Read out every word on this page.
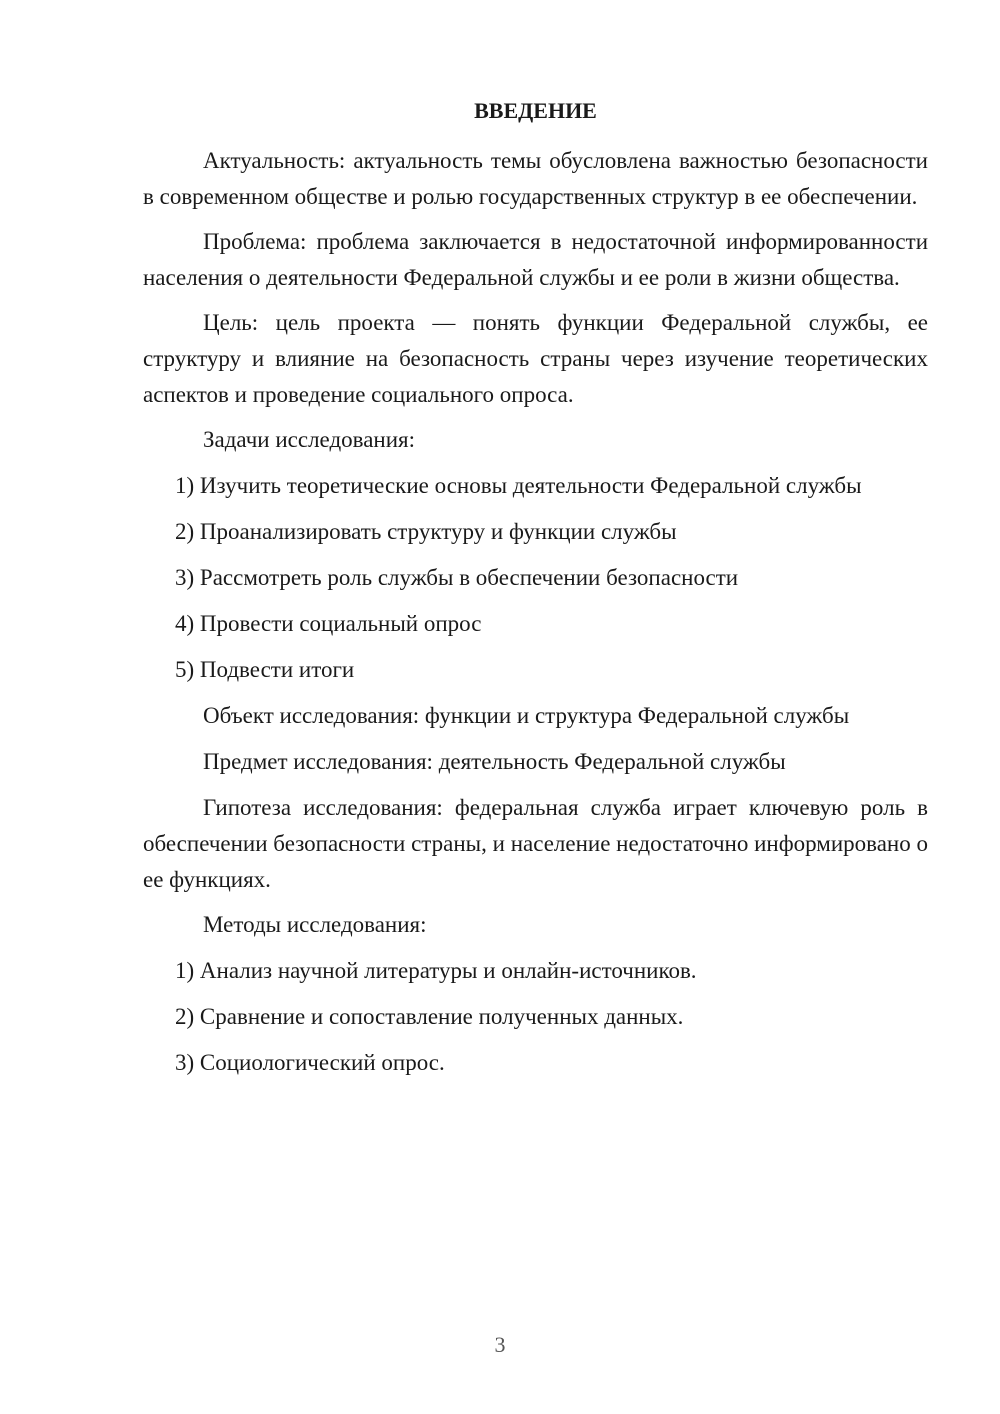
ВВЕДЕНИЕ

Актуальность: актуальность темы обусловлена важностью безопасности в современном обществе и ролью государственных структур в ее обеспечении.

Проблема: проблема заключается в недостаточной информированности населения о деятельности Федеральной службы и ее роли в жизни общества.

Цель: цель проекта — понять функции Федеральной службы, ее структуру и влияние на безопасность страны через изучение теоретических аспектов и проведение социального опроса.

Задачи исследования:

1) Изучить теоретические основы деятельности Федеральной службы
2) Проанализировать структуру и функции службы
3) Рассмотреть роль службы в обеспечении безопасности
4) Провести социальный опрос
5) Подвести итоги

Объект исследования: функции и структура Федеральной службы

Предмет исследования: деятельность Федеральной службы

Гипотеза исследования: федеральная служба играет ключевую роль в обеспечении безопасности страны, и население недостаточно информировано о ее функциях.

Методы исследования:

1) Анализ научной литературы и онлайн-источников.
2) Сравнение и сопоставление полученных данных.
3) Социологический опрос.
3
